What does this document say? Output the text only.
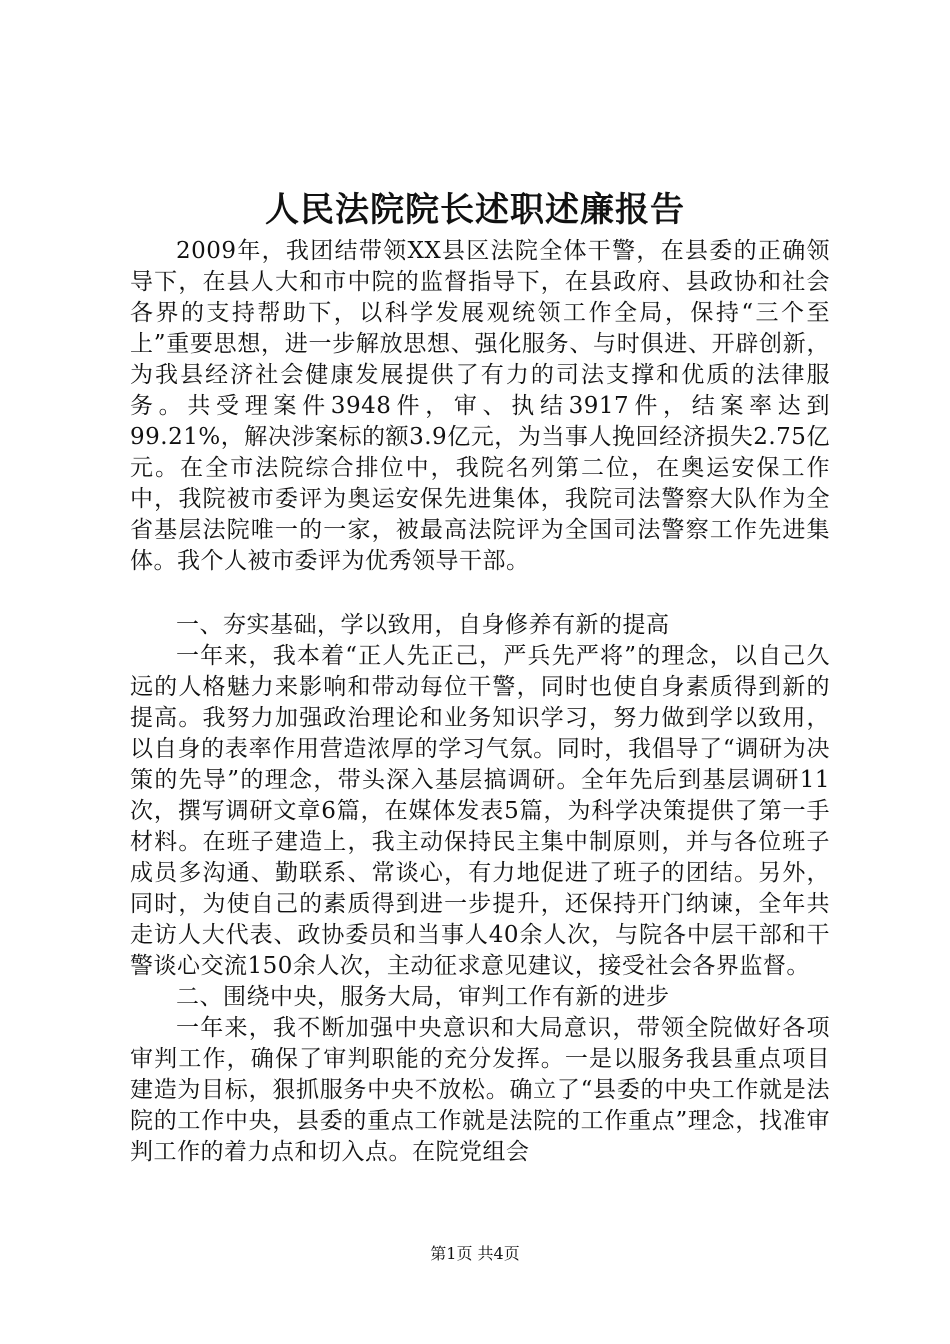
人民法院院长述职述廉报告

2009年，我团结带领XX县区法院全体干警，在县委的正确领导下，在县人大和市中院的监督指导下，在县政府、县政协和社会各界的支持帮助下，以科学发展观统领工作全局，保持“三个至上”重要思想，进一步解放思想、强化服务、与时俱进、开辟创新，为我县经济社会健康发展提供了有力的司法支撑和优质的法律服务。共受理案件3948件，审、执结3917件，结案率达到99.21%，解决涉案标的额3.9亿元，为当事人挽回经济损失2.75亿元。在全市法院综合排位中，我院名列第二位，在奥运安保工作中，我院被市委评为奥运安保先进集体，我院司法警察大队作为全省基层法院唯一的一家，被最高法院评为全国司法警察工作先进集体。我个人被市委评为优秀领导干部。

一、夯实基础，学以致用，自身修养有新的提高

一年来，我本着“正人先正己，严兵先严将”的理念，以自己久远的人格魅力来影响和带动每位干警，同时也使自身素质得到新的提高。我努力加强政治理论和业务知识学习，努力做到学以致用，以自身的表率作用营造浓厚的学习气氛。同时，我倡导了“调研为决策的先导”的理念，带头深入基层搞调研。全年先后到基层调研11次，撰写调研文章6篇，在媒体发表5篇，为科学决策提供了第一手材料。在班子建造上，我主动保持民主集中制原则，并与各位班子成员多沟通、勤联系、常谈心，有力地促进了班子的团结。另外，同时，为使自己的素质得到进一步提升，还保持开门纳谏，全年共走访人大代表、政协委员和当事人40余人次，与院各中层干部和干警谈心交流150余人次，主动征求意见建议，接受社会各界监督。

二、围绕中央，服务大局，审判工作有新的进步

一年来，我不断加强中央意识和大局意识，带领全院做好各项审判工作，确保了审判职能的充分发挥。一是以服务我县重点项目建造为目标，狠抓服务中央不放松。确立了“县委的中央工作就是法院的工作中央，县委的重点工作就是法院的工作重点”理念，找准审判工作的着力点和切入点。在院党组会

第1页 共4页
